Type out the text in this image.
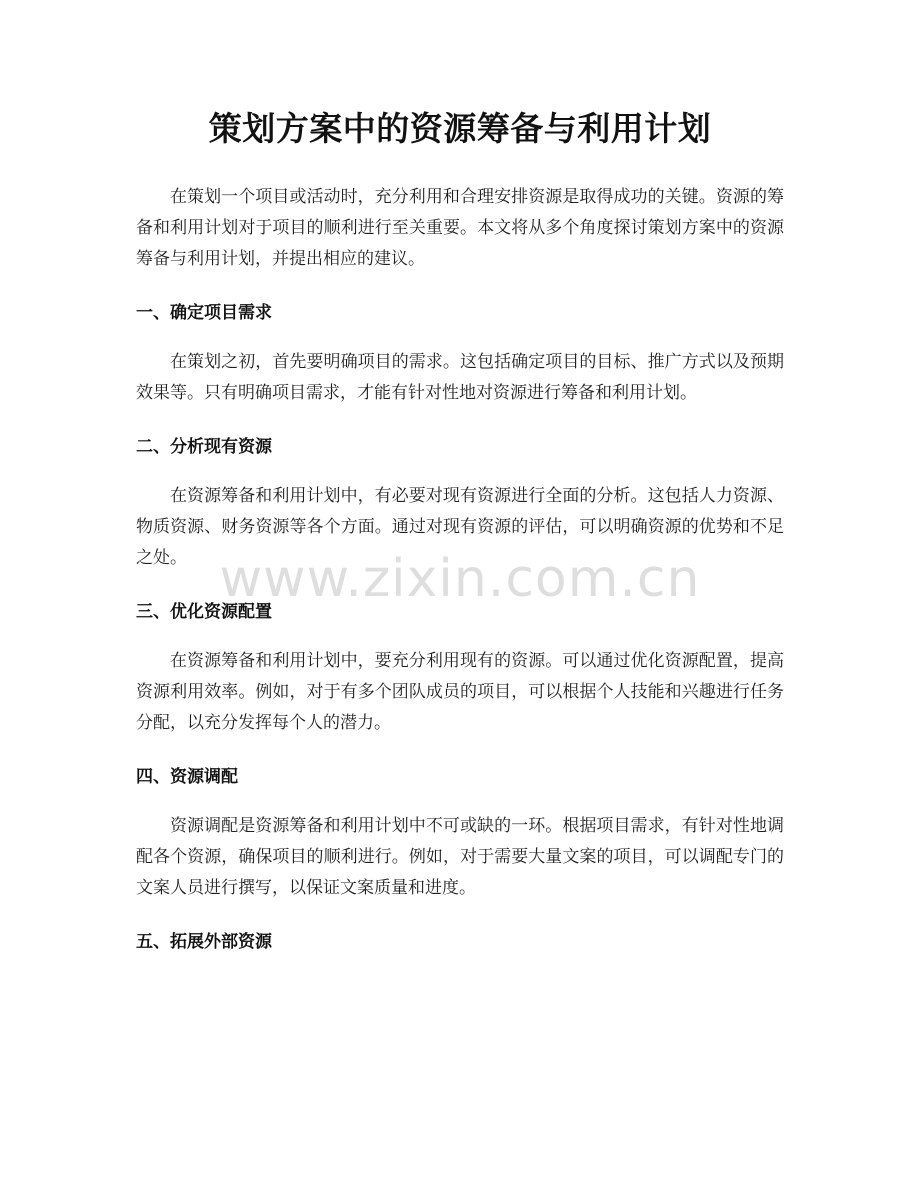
策划方案中的资源筹备与利用计划

在策划一个项目或活动时，充分利用和合理安排资源是取得成功的关键。资源的筹备和利用计划对于项目的顺利进行至关重要。本文将从多个角度探讨策划方案中的资源筹备与利用计划，并提出相应的建议。

一、确定项目需求

在策划之初，首先要明确项目的需求。这包括确定项目的目标、推广方式以及预期效果等。只有明确项目需求，才能有针对性地对资源进行筹备和利用计划。

二、分析现有资源

在资源筹备和利用计划中，有必要对现有资源进行全面的分析。这包括人力资源、物质资源、财务资源等各个方面。通过对现有资源的评估，可以明确资源的优势和不足之处。

三、优化资源配置

在资源筹备和利用计划中，要充分利用现有的资源。可以通过优化资源配置，提高资源利用效率。例如，对于有多个团队成员的项目，可以根据个人技能和兴趣进行任务分配，以充分发挥每个人的潜力。

四、资源调配

资源调配是资源筹备和利用计划中不可或缺的一环。根据项目需求，有针对性地调配各个资源，确保项目的顺利进行。例如，对于需要大量文案的项目，可以调配专门的文案人员进行撰写，以保证文案质量和进度。

五、拓展外部资源
www.zixin.com.cn
